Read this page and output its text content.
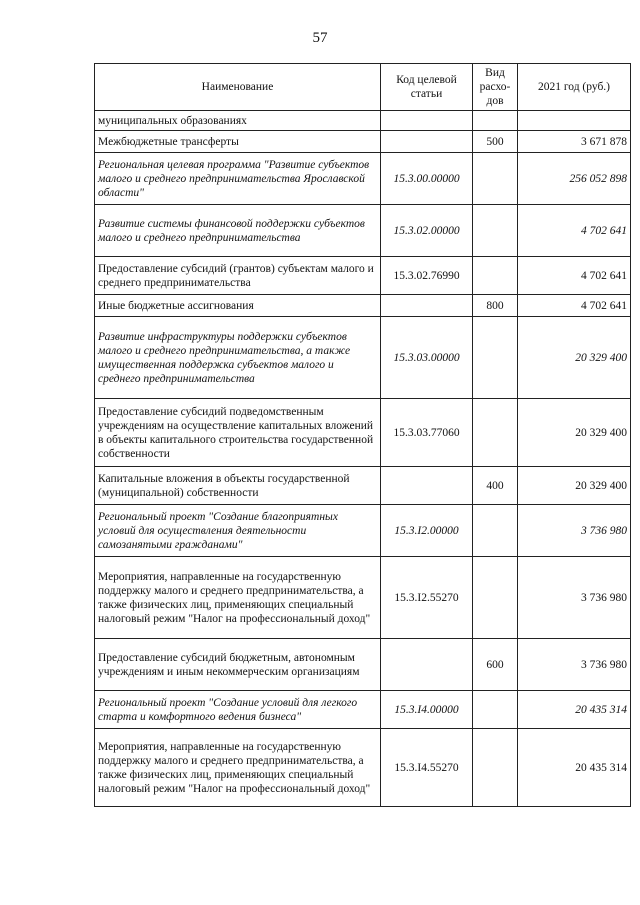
57
Наименование	Код целевой статьи	Вид расхо-дов	2021 год (руб.)
муниципальных образованиях			
Межбюджетные трансферты		500	3 671 878
Региональная целевая программа "Развитие субъектов малого и среднего предпринимательства Ярославской области"	15.3.00.00000		256 052 898
Развитие системы финансовой поддержки субъектов малого и среднего предпринимательства	15.3.02.00000		4 702 641
Предоставление субсидий (грантов) субъектам малого и среднего предпринимательства	15.3.02.76990		4 702 641
Иные бюджетные ассигнования		800	4 702 641
Развитие инфраструктуры поддержки субъектов малого и среднего предпринимательства, а также имущественная поддержка субъектов малого и среднего предпринимательства	15.3.03.00000		20 329 400
Предоставление субсидий подведомственным учреждениям на осуществление капитальных вложений в объекты капитального строительства государственной собственности	15.3.03.77060		20 329 400
Капитальные вложения в объекты государственной (муниципальной) собственности		400	20 329 400
Региональный проект "Создание благоприятных условий для осуществления деятельности самозанятыми гражданами"	15.3.I2.00000		3 736 980
Мероприятия, направленные на государственную поддержку малого и среднего предпринимательства, а также физических лиц, применяющих специальный налоговый режим "Налог на профессиональный доход"	15.3.I2.55270		3 736 980
Предоставление субсидий бюджетным, автономным учреждениям и иным некоммерческим организациям		600	3 736 980
Региональный проект "Создание условий для легкого старта и комфортного ведения бизнеса"	15.3.I4.00000		20 435 314
Мероприятия, направленные на государственную поддержку малого и среднего предпринимательства, а также физических лиц, применяющих специальный налоговый режим "Налог на профессиональный доход"	15.3.I4.55270		20 435 314
